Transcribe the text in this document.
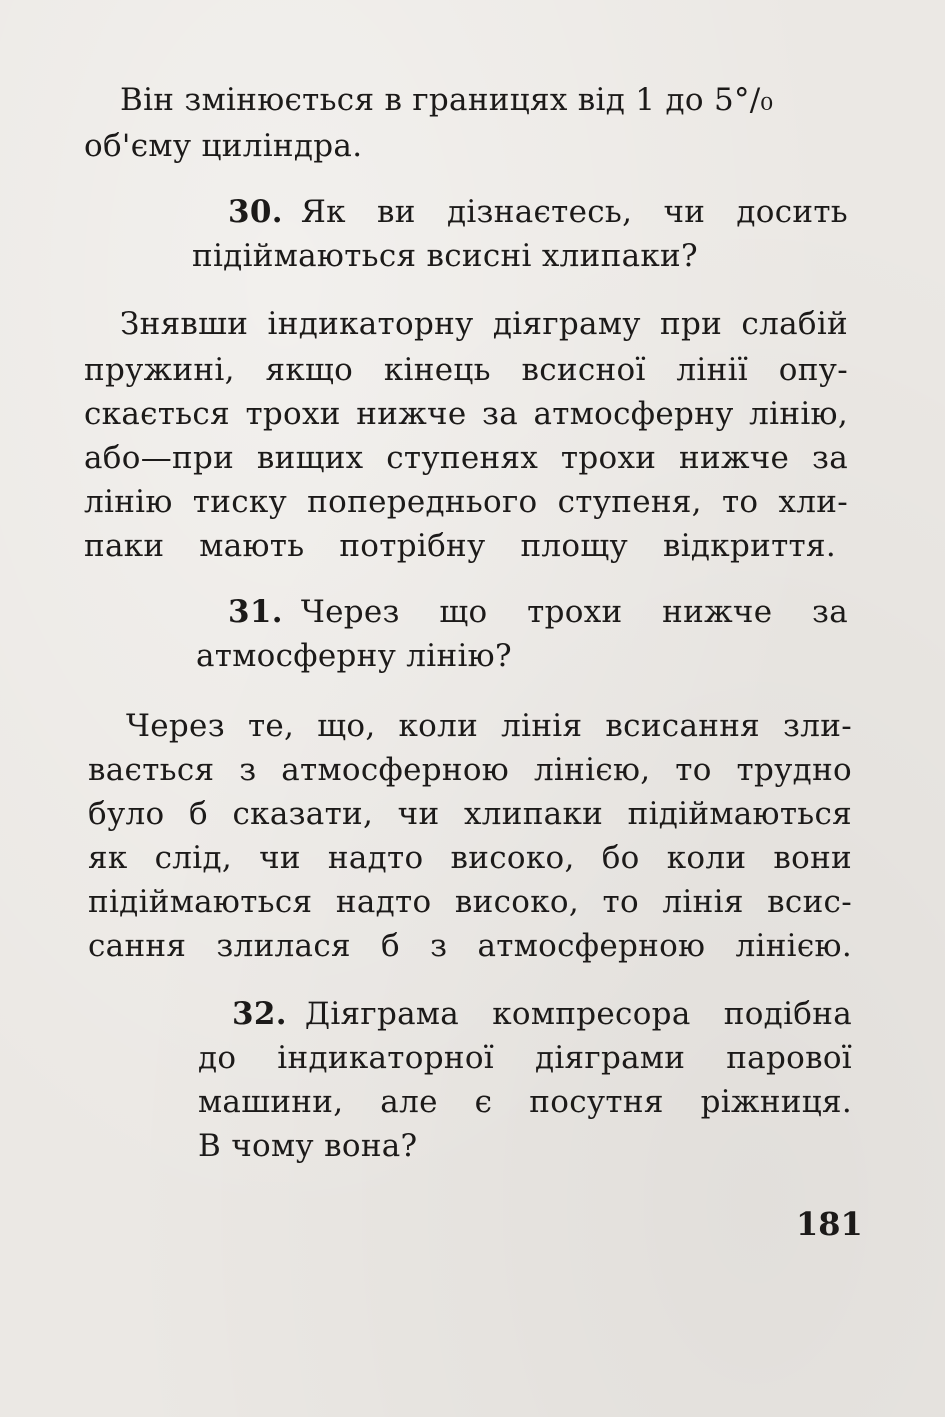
Він змінюється в границях від 1 до 5°/₀
об'єму циліндра.
30. Як ви дізнаєтесь, чи досить
підіймаються всисні хлипаки?
Знявши індикаторну діяграму при слабій
пружині, якщо кінець всисної лінії опу-
скається трохи нижче за атмосферну лінію,
або—при вищих ступенях трохи нижче за
лінію тиску попереднього ступеня, то хли-
паки мають потрібну площу відкриття.
31. Через що трохи нижче за
атмосферну лінію?
Через те, що, коли лінія всисання зли-
вається з атмосферною лінією, то трудно
було б сказати, чи хлипаки підіймаються
як слід, чи надто високо, бо коли вони
підіймаються надто високо, то лінія всис-
сання злилася б з атмосферною лінією.
32. Діяграма компресора подібна
до індикаторної діяграми парової
машини, але є посутня ріжниця.
В чому вона?
181
